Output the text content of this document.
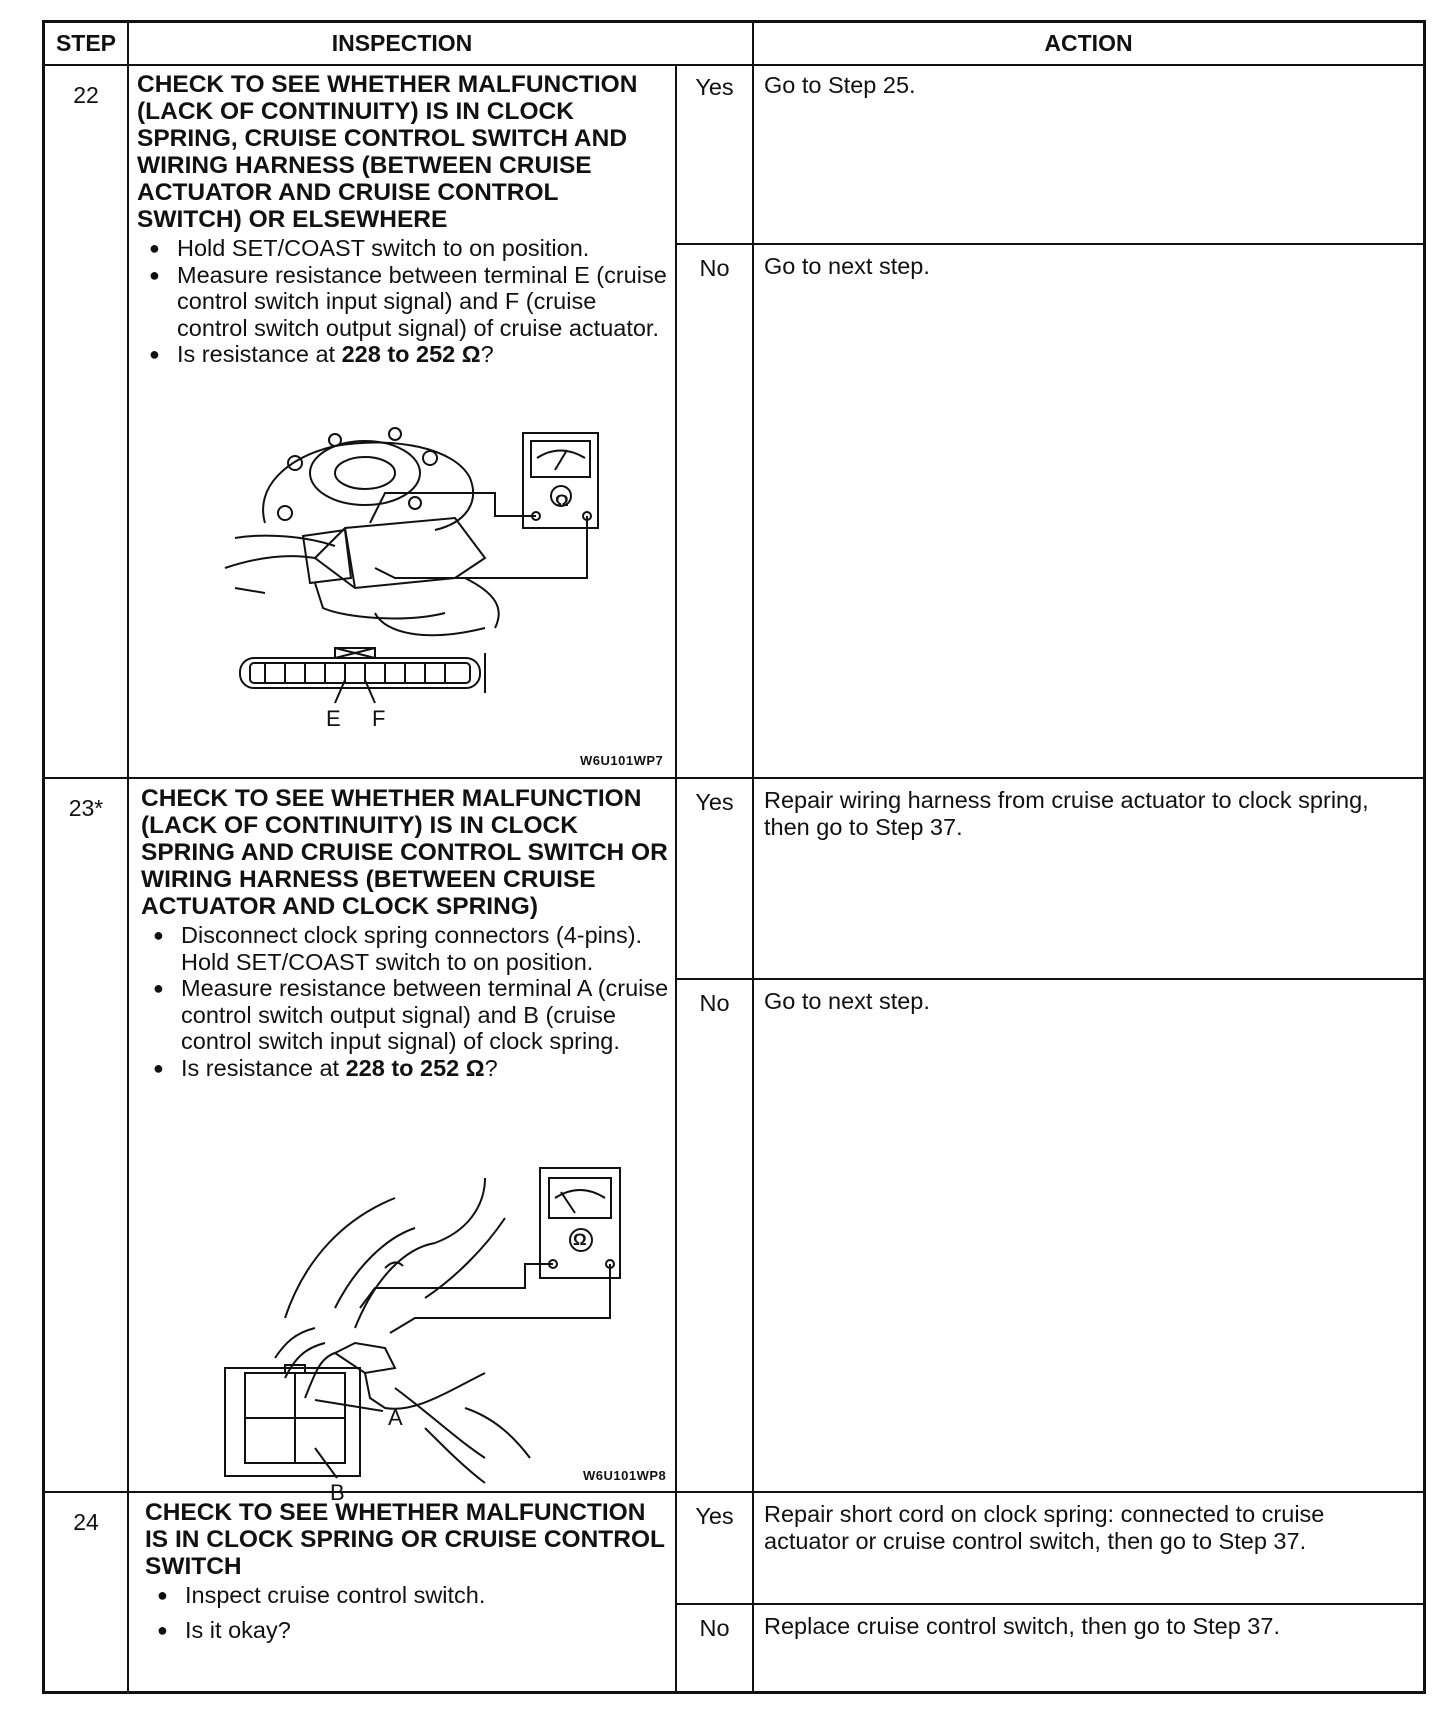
STEP	INSPECTION	ACTION
22	CHECK TO SEE WHETHER MALFUNCTION (LACK OF CONTINUITY) IS IN CLOCK SPRING, CRUISE CONTROL SWITCH AND WIRING HARNESS (BETWEEN CRUISE ACTUATOR AND CRUISE CONTROL SWITCH) OR ELSEWHERE

● Hold SET/COAST switch to on position.
● Measure resistance between terminal E (cruise control switch input signal) and F (cruise control switch output signal) of cruise actuator.
● Is resistance at 228 to 252 Ω?
E F
Ω
W6U101WP7
Yes	Go to Step 25.
No	Go to next step.
23*	CHECK TO SEE WHETHER MALFUNCTION (LACK OF CONTINUITY) IS IN CLOCK SPRING AND CRUISE CONTROL SWITCH OR WIRING HARNESS (BETWEEN CRUISE ACTUATOR AND CLOCK SPRING)

● Disconnect clock spring connectors (4-pins). Hold SET/COAST switch to on position.
● Measure resistance between terminal A (cruise control switch output signal) and B (cruise control switch input signal) of clock spring.
● Is resistance at 228 to 252 Ω?
A
B
Ω
W6U101WP8
Yes	Repair wiring harness from cruise actuator to clock spring, then go to Step 37.
No	Go to next step.
24	CHECK TO SEE WHETHER MALFUNCTION IS IN CLOCK SPRING OR CRUISE CONTROL SWITCH

● Inspect cruise control switch.
● Is it okay?
Yes	Repair short cord on clock spring: connected to cruise actuator or cruise control switch, then go to Step 37.
No	Replace cruise control switch, then go to Step 37.
